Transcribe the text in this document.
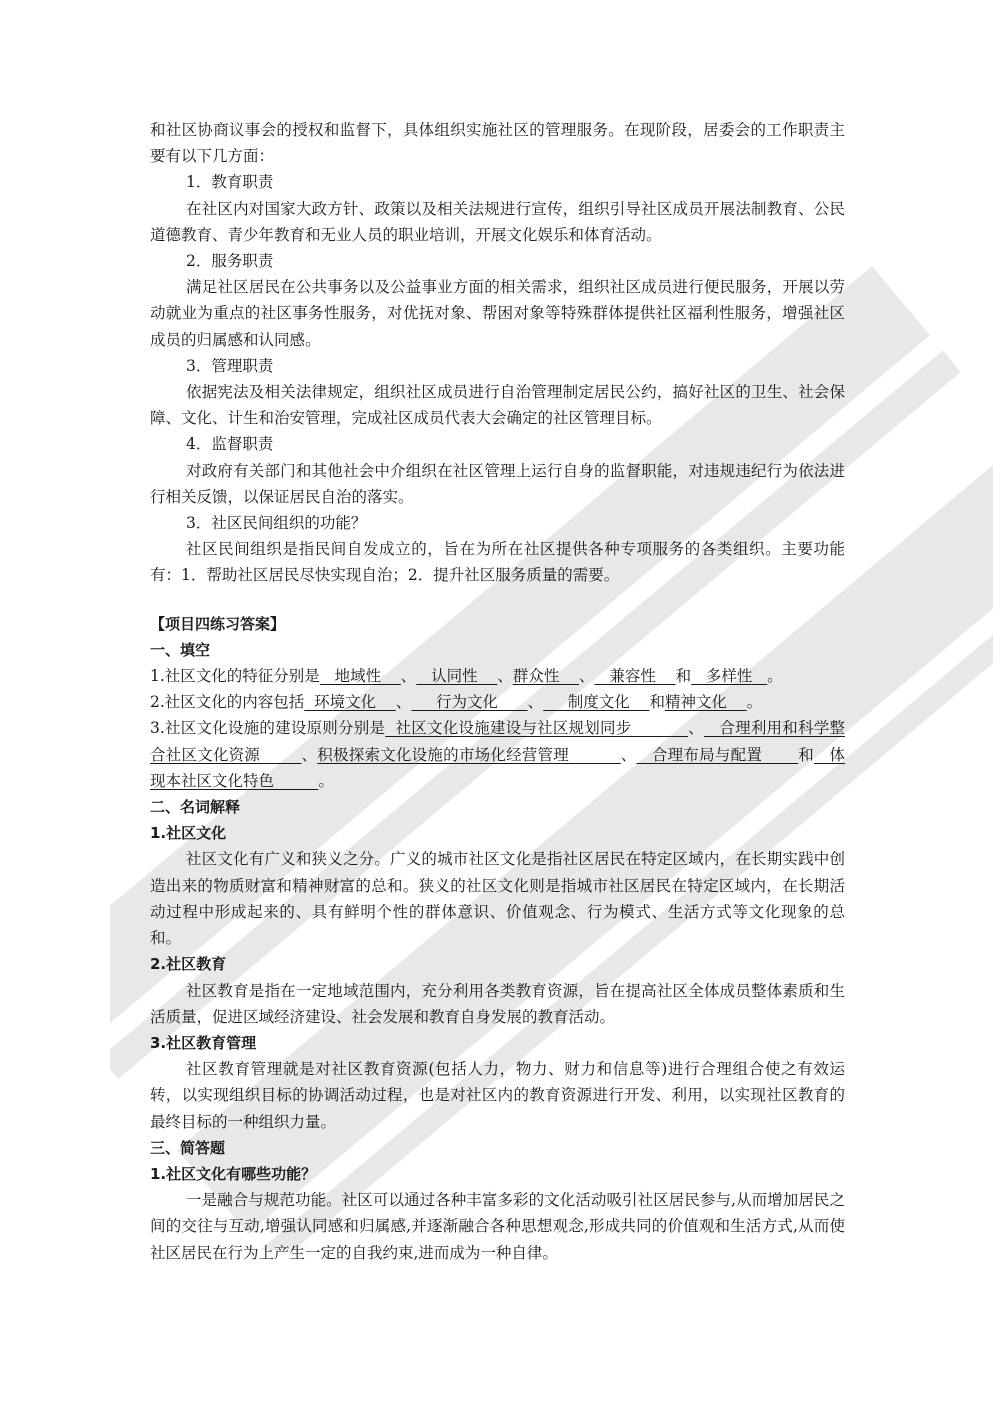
和社区协商议事会的授权和监督下，具体组织实施社区的管理服务。在现阶段，居委会的工作职责主要有以下几方面：

1．教育职责

在社区内对国家大政方针、政策以及相关法规进行宣传，组织引导社区成员开展法制教育、公民道德教育、青少年教育和无业人员的职业培训，开展文化娱乐和体育活动。

2．服务职责

满足社区居民在公共事务以及公益事业方面的相关需求，组织社区成员进行便民服务，开展以劳动就业为重点的社区事务性服务，对优抚对象、帮困对象等特殊群体提供社区福利性服务，增强社区成员的归属感和认同感。

3．管理职责

依据宪法及相关法律规定，组织社区成员进行自治管理制定居民公约，搞好社区的卫生、社会保障、文化、计生和治安管理，完成社区成员代表大会确定的社区管理目标。

4．监督职责

对政府有关部门和其他社会中介组织在社区管理上运行自身的监督职能，对违规违纪行为依法进行相关反馈，以保证居民自治的落实。

3．社区民间组织的功能？

社区民间组织是指民间自发成立的，旨在为所在社区提供各种专项服务的各类组织。主要功能有：1．帮助社区居民尽快实现自治；2．提升社区服务质量的需要。

【项目四练习答案】

一、填空

1.社区文化的特征分别是   地域性    、   认同性    、群众性    、   兼容性    和   多样性   。

2.社区文化的内容包括  环境文化    、     行为文化      、     制度文化    和精神文化    。

3.社区文化设施的建设原则分别是  社区文化设施建设与社区规划同步           、   合理利用和科学整合社区文化资源        、积极探索文化设施的市场化经营管理          、   合理布局与配置       和   体现本社区文化特色         。

二、名词解释

1.社区文化

社区文化有广义和狭义之分。广义的城市社区文化是指社区居民在特定区域内，在长期实践中创造出来的物质财富和精神财富的总和。狭义的社区文化则是指城市社区居民在特定区域内，在长期活动过程中形成起来的、具有鲜明个性的群体意识、价值观念、行为模式、生活方式等文化现象的总和。

2.社区教育

社区教育是指在一定地域范围内，充分利用各类教育资源，旨在提高社区全体成员整体素质和生活质量，促进区域经济建设、社会发展和教育自身发展的教育活动。

3.社区教育管理

社区教育管理就是对社区教育资源(包括人力，物力、财力和信息等)进行合理组合使之有效运转，以实现组织目标的协调活动过程，也是对社区内的教育资源进行开发、利用，以实现社区教育的最终目标的一种组织力量。

三、简答题

1.社区文化有哪些功能？

一是融合与规范功能。社区可以通过各种丰富多彩的文化活动吸引社区居民参与,从而增加居民之间的交往与互动,增强认同感和归属感,并逐渐融合各种思想观念,形成共同的价值观和生活方式,从而使社区居民在行为上产生一定的自我约束,进而成为一种自律。
